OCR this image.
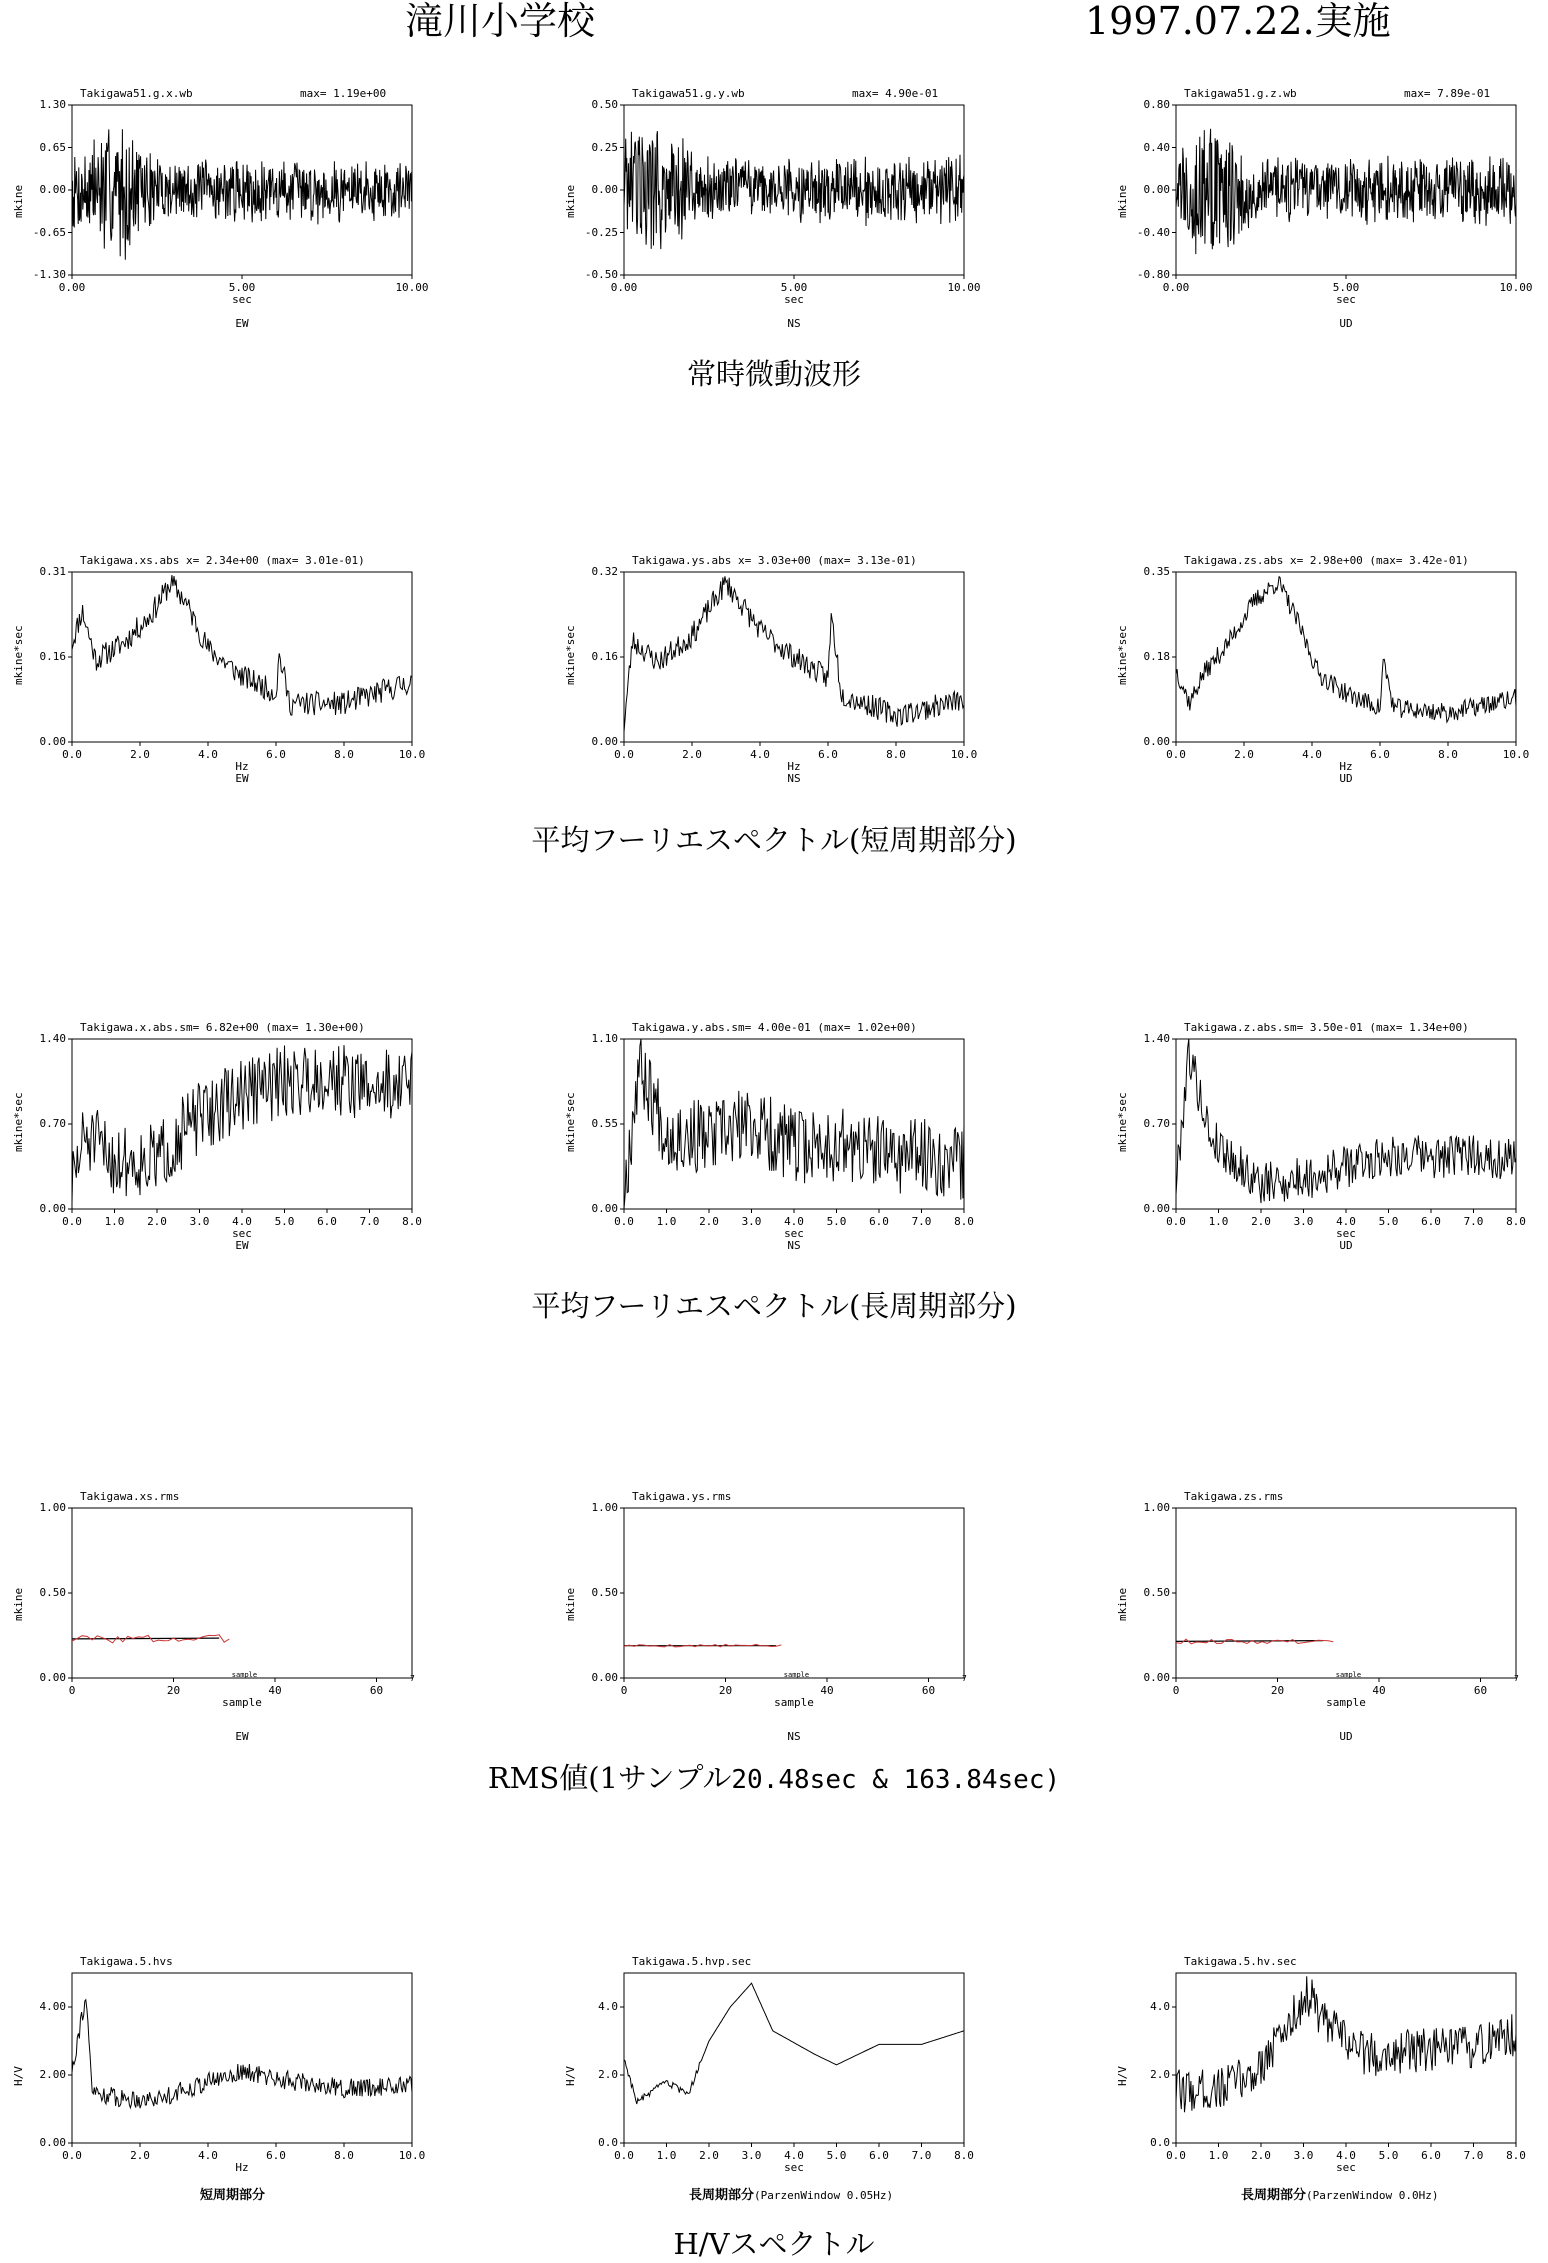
滝川小学校	1997.07.22.実施
常時微動波形
平均フーリエスペクトル(短周期部分)
平均フーリエスペクトル(長周期部分)
RMS値(1サンプル20.48sec & 163.84sec)
H/Vスペクトル
Takigawa51.g.x.wb	max= 1.19e+00
-1.30
-0.65
0.00
0.65
1.30
0.00	5.00	10.00
sec
mkine
EW
Takigawa51.g.y.wb	max= 4.90e-01
-0.50
-0.25
0.00
0.25
0.50
0.00	5.00	10.00
sec
mkine
NS
Takigawa51.g.z.wb	max= 7.89e-01
-0.80
-0.40
0.00
0.40
0.80
0.00	5.00	10.00
sec
mkine
UD
Takigawa.xs.abs x= 2.34e+00 (max= 3.01e-01)
0.00
0.16
0.31
0.0	2.0	4.0	6.0	8.0	10.0
Hz
mkine*sec
EW
Takigawa.ys.abs x= 3.03e+00 (max= 3.13e-01)
0.00
0.16
0.32
0.0	2.0	4.0	6.0	8.0	10.0
Hz
mkine*sec
NS
Takigawa.zs.abs x= 2.98e+00 (max= 3.42e-01)
0.00
0.18
0.35
0.0	2.0	4.0	6.0	8.0	10.0
Hz
mkine*sec
UD
Takigawa.x.abs.sm= 6.82e+00 (max= 1.30e+00)
0.00
0.70
1.40
0.0	1.0	2.0	3.0	4.0	5.0	6.0	7.0	8.0
sec
mkine*sec
EW
Takigawa.y.abs.sm= 4.00e-01 (max= 1.02e+00)
0.00
0.55
1.10
0.0	1.0	2.0	3.0	4.0	5.0	6.0	7.0	8.0
sec
mkine*sec
NS
Takigawa.z.abs.sm= 3.50e-01 (max= 1.34e+00)
0.00
0.70
1.40
0.0	1.0	2.0	3.0	4.0	5.0	6.0	7.0	8.0
sec
mkine*sec
UD
Takigawa.xs.rms
0.00
0.50
1.00
0	20	40	60
7
sample
sample
mkine
EW
Takigawa.ys.rms
0.00
0.50
1.00
0	20	40	60
7
sample
sample
mkine
NS
Takigawa.zs.rms
0.00
0.50
1.00
0	20	40	60
7
sample
sample
mkine
UD
Takigawa.5.hvs
0.00
2.00
4.00
0.0	2.0	4.0	6.0	8.0	10.0
Hz
H/V
短周期部分
Takigawa.5.hvp.sec
0.0
2.0
4.0
0.0	1.0	2.0	3.0	4.0	5.0	6.0	7.0	8.0
sec
H/V
長周期部分(ParzenWindow 0.05Hz)
Takigawa.5.hv.sec
0.0
2.0
4.0
0.0	1.0	2.0	3.0	4.0	5.0	6.0	7.0	8.0
sec
H/V
長周期部分(ParzenWindow 0.0Hz)
